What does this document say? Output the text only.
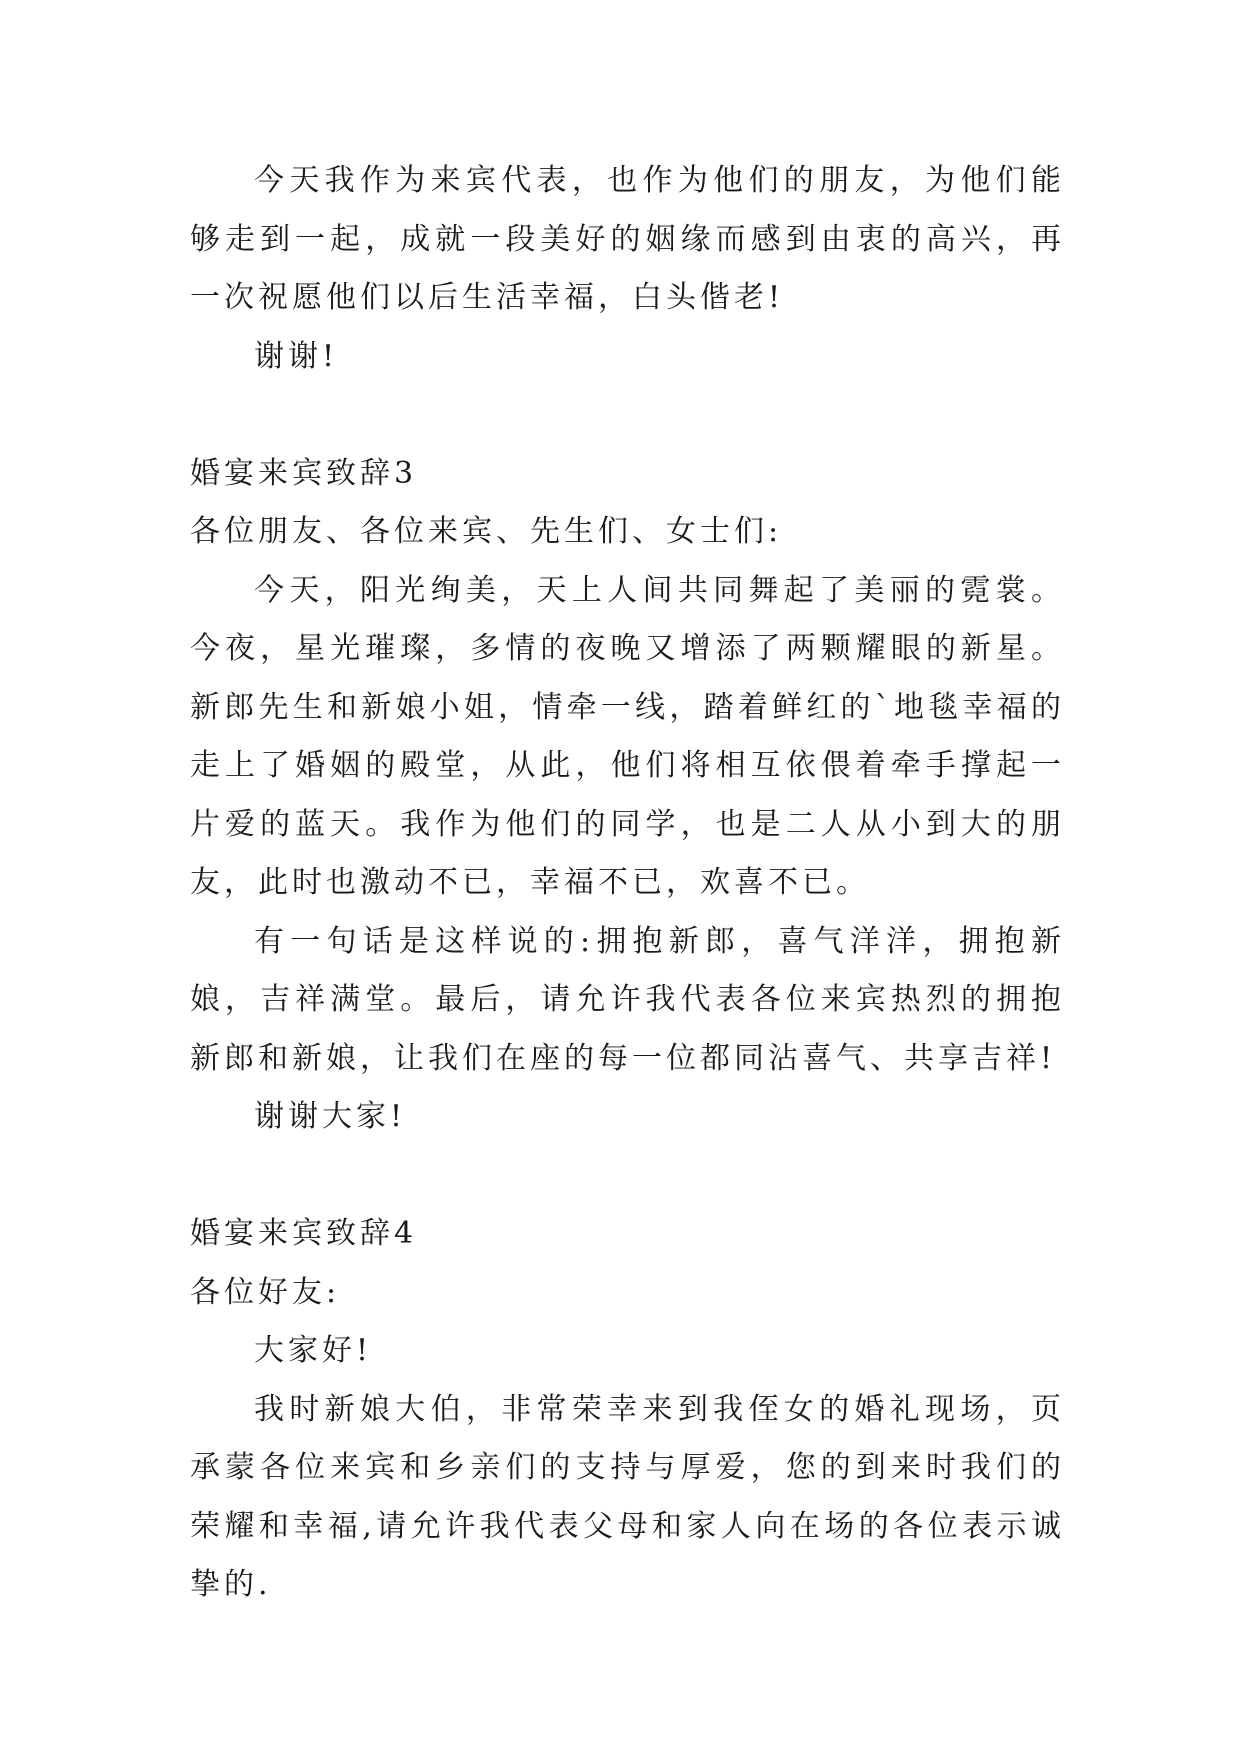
今天我作为来宾代表，也作为他们的朋友，为他们能够走到一起，成就一段美好的姻缘而感到由衷的高兴，再一次祝愿他们以后生活幸福，白头偕老!

谢谢!

婚宴来宾致辞3

各位朋友、各位来宾、先生们、女士们:

今天，阳光绚美，天上人间共同舞起了美丽的霓裳。今夜，星光璀璨，多情的夜晚又增添了两颗耀眼的新星。新郎先生和新娘小姐，情牵一线，踏着鲜红的`地毯幸福的走上了婚姻的殿堂，从此，他们将相互依偎着牵手撑起一片爱的蓝天。我作为他们的同学，也是二人从小到大的朋友，此时也激动不已，幸福不已，欢喜不已。

有一句话是这样说的:拥抱新郎，喜气洋洋，拥抱新娘，吉祥满堂。最后，请允许我代表各位来宾热烈的拥抱新郎和新娘，让我们在座的每一位都同沾喜气、共享吉祥!

谢谢大家!

婚宴来宾致辞4

各位好友:

大家好!

我时新娘大伯，非常荣幸来到我侄女的婚礼现场，页承蒙各位来宾和乡亲们的支持与厚爱，您的到来时我们的荣耀和幸福,请允许我代表父母和家人向在场的各位表示诚挚的.
